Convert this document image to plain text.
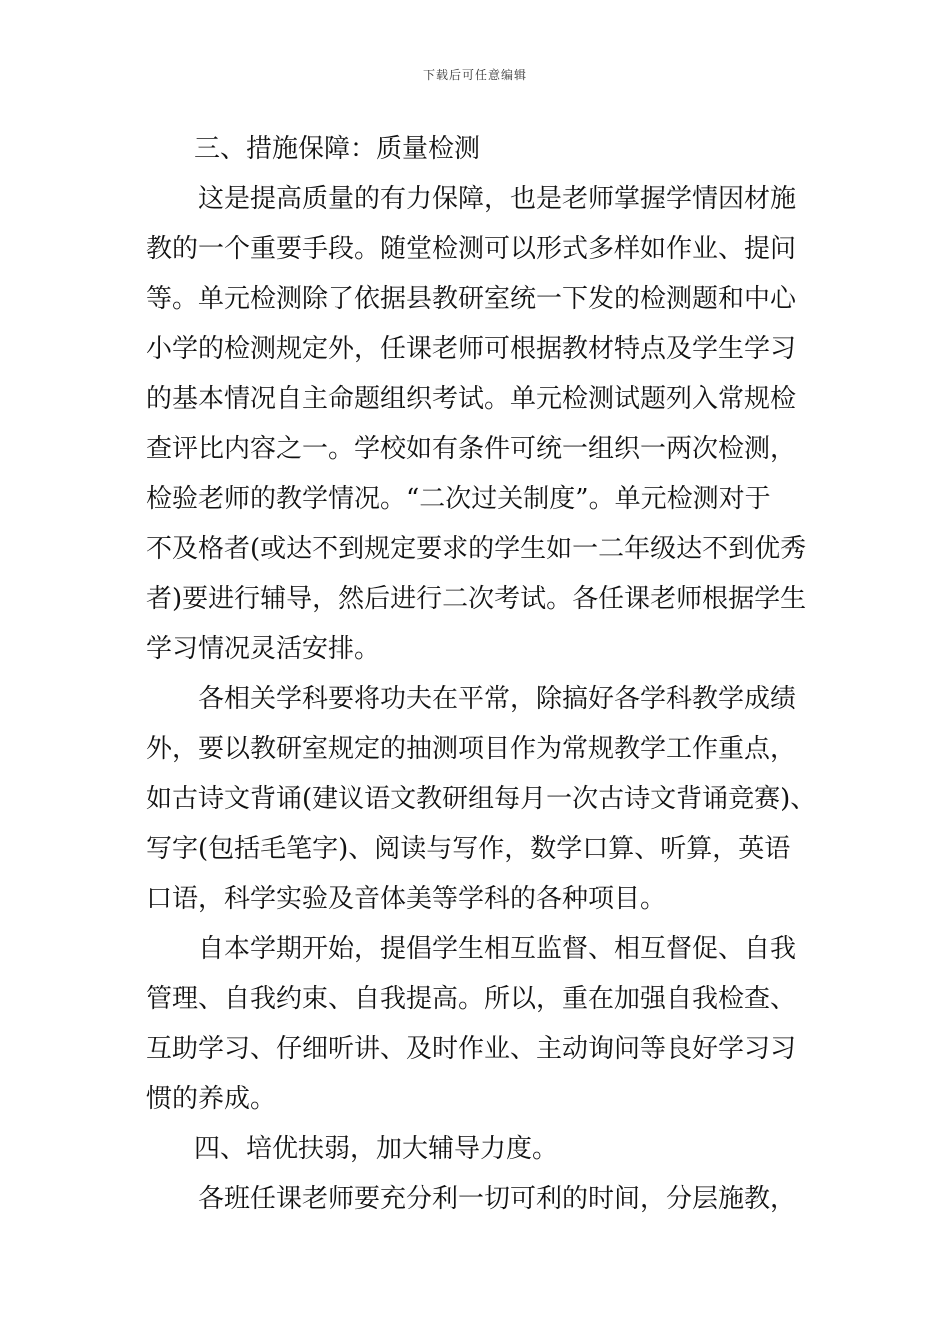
下载后可任意编辑
三、措施保障：质量检测
这是提高质量的有力保障，也是老师掌握学情因材施
教的一个重要手段。随堂检测可以形式多样如作业、提问
等。单元检测除了依据县教研室统一下发的检测题和中心
小学的检测规定外，任课老师可根据教材特点及学生学习
的基本情况自主命题组织考试。单元检测试题列入常规检
查评比内容之一。学校如有条件可统一组织一两次检测，
检验老师的教学情况。“二次过关制度”。单元检测对于
不及格者(或达不到规定要求的学生如一二年级达不到优秀
者)要进行辅导，然后进行二次考试。各任课老师根据学生
学习情况灵活安排。
各相关学科要将功夫在平常，除搞好各学科教学成绩
外，要以教研室规定的抽测项目作为常规教学工作重点，
如古诗文背诵(建议语文教研组每月一次古诗文背诵竞赛)、
写字(包括毛笔字)、阅读与写作，数学口算、听算，英语
口语，科学实验及音体美等学科的各种项目。
自本学期开始，提倡学生相互监督、相互督促、自我
管理、自我约束、自我提高。所以，重在加强自我检查、
互助学习、仔细听讲、及时作业、主动询问等良好学习习
惯的养成。
四、培优扶弱，加大辅导力度。
各班任课老师要充分利一切可利的时间，分层施教，
